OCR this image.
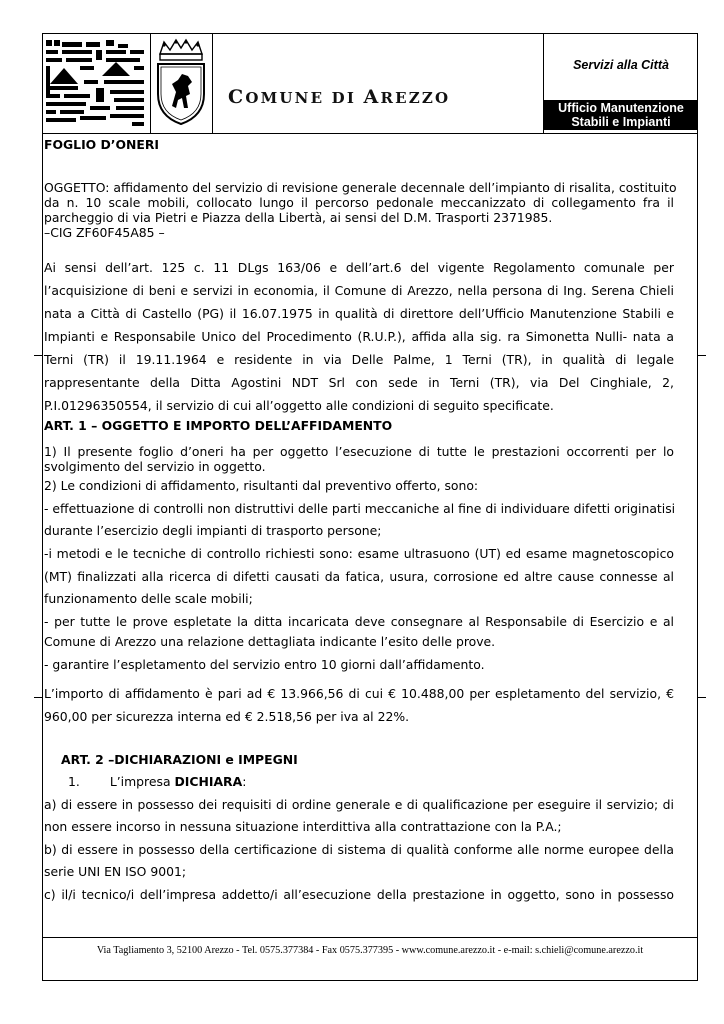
COMUNE DI AREZZO
Servizi alla Città
Ufficio Manutenzione
Stabili e Impianti
FOGLIO D’ONERI
OGGETTO: affidamento del servizio di revisione generale decennale dell’impianto di risalita, costituito
da n. 10 scale mobili, collocato lungo il percorso pedonale meccanizzato di collegamento fra il
parcheggio di via Pietri e Piazza della Libertà, ai sensi del D.M. Trasporti 2371985.
–CIG ZF60F45A85 –
Ai sensi dell’art. 125 c. 11 DLgs 163/06 e dell’art.6 del vigente Regolamento comunale per
l’acquisizione di beni e servizi in economia, il Comune di Arezzo, nella persona di Ing. Serena Chieli
nata a Città di Castello (PG) il 16.07.1975 in qualità di direttore dell’Ufficio Manutenzione Stabili e
Impianti e Responsabile Unico del Procedimento (R.U.P.), affida alla sig. ra Simonetta Nulli- nata a
Terni (TR) il 19.11.1964 e residente in via Delle Palme, 1 Terni (TR), in qualità di legale
rappresentante della Ditta Agostini NDT Srl con sede in Terni (TR), via Del Cinghiale, 2,
P.I.01296350554, il servizio di cui all’oggetto alle condizioni di seguito specificate.
ART. 1 – OGGETTO E IMPORTO DELL’AFFIDAMENTO
1) Il presente foglio d’oneri ha per oggetto l’esecuzione di tutte le prestazioni occorrenti per lo
svolgimento del servizio in oggetto.
2) Le condizioni di affidamento, risultanti dal preventivo offerto, sono:
- effettuazione di controlli non distruttivi delle parti meccaniche al fine di individuare difetti originatisi
durante l’esercizio degli impianti di trasporto persone;
-i metodi e le tecniche di controllo richiesti sono: esame ultrasuono (UT) ed esame magnetoscopico
(MT) finalizzati alla ricerca di difetti causati da fatica, usura, corrosione ed altre cause connesse al
funzionamento delle scale mobili;
- per tutte le prove espletate la ditta incaricata deve consegnare al Responsabile di Esercizio e al
Comune di Arezzo una relazione dettagliata indicante l’esito delle prove.
- garantire l’espletamento del servizio entro 10 giorni dall’affidamento.
L’importo di affidamento è pari ad € 13.966,56 di cui € 10.488,00 per espletamento del servizio, €
960,00 per sicurezza interna ed € 2.518,56 per iva al 22%.
ART. 2 –DICHIARAZIONI e IMPEGNI
1. L’impresa DICHIARA:
a) di essere in possesso dei requisiti di ordine generale e di qualificazione per eseguire il servizio; di
non essere incorso in nessuna situazione interdittiva alla contrattazione con la P.A.;
b) di essere in possesso della certificazione di sistema di qualità conforme alle norme europee della
serie UNI EN ISO 9001;
c) il/i tecnico/i dell’impresa addetto/i all’esecuzione della prestazione in oggetto, sono in possesso
Via Tagliamento 3, 52100 Arezzo - Tel. 0575.377384 - Fax 0575.377395 - www.comune.arezzo.it - e-mail: s.chieli@comune.arezzo.it
